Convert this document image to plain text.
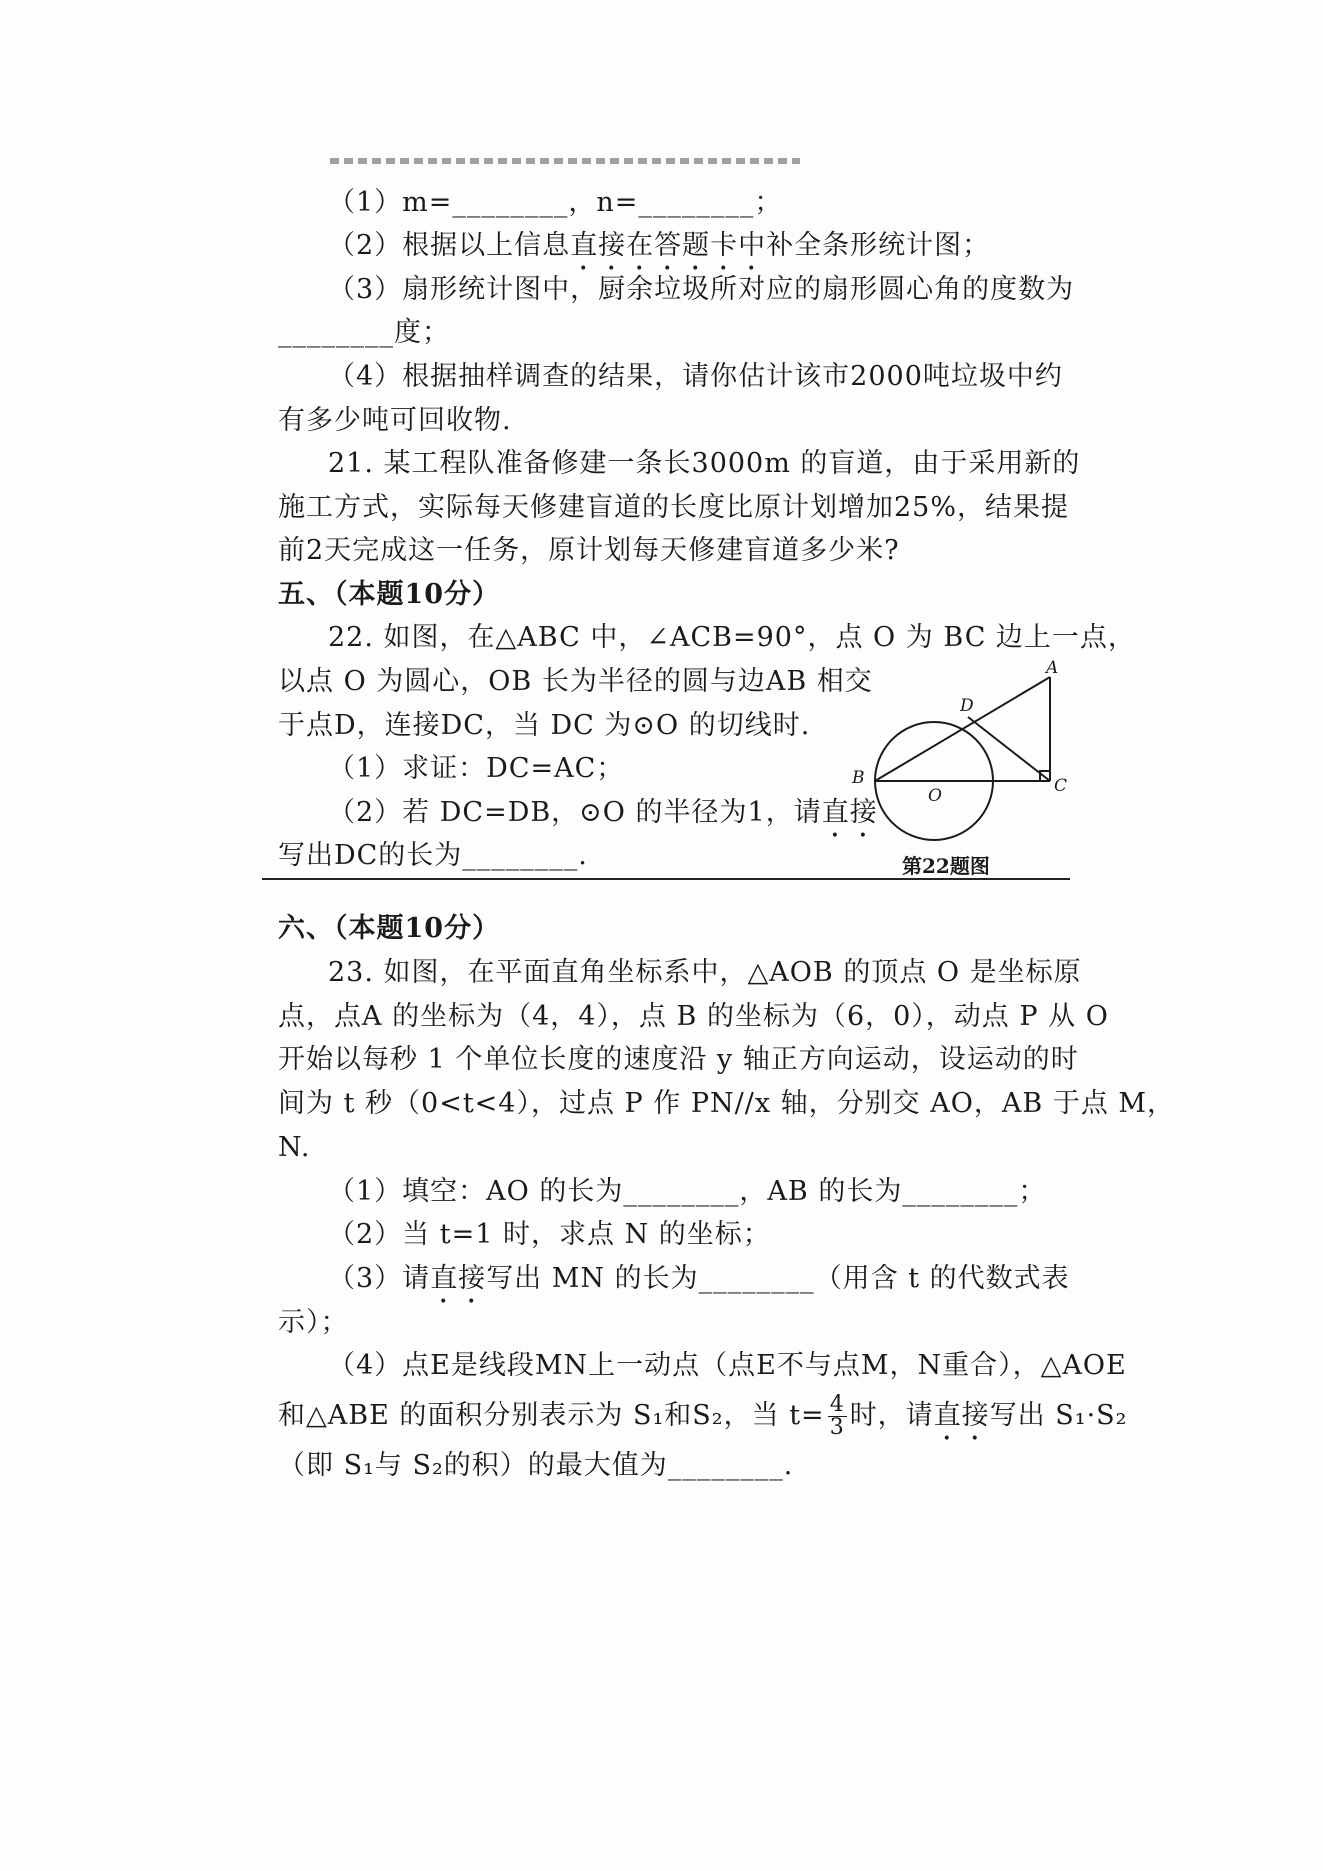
（1）m=________，n=________；
（2）根据以上信息直接在答题卡中补全条形统计图；
（3）扇形统计图中，厨余垃圾所对应的扇形圆心角的度数为
________度；
（4）根据抽样调查的结果，请你估计该市2000吨垃圾中约
有多少吨可回收物.
21. 某工程队准备修建一条长3000m 的盲道，由于采用新的
施工方式，实际每天修建盲道的长度比原计划增加25%，结果提
前2天完成这一任务，原计划每天修建盲道多少米?
五、（本题10分）
22. 如图，在△ABC 中，∠ACB=90°，点 O 为 BC 边上一点，
以点 O 为圆心，OB 长为半径的圆与边AB 相交
于点D，连接DC，当 DC 为⊙O 的切线时.
（1）求证：DC=AC；
（2）若 DC=DB，⊙O 的半径为1，请直接
写出DC的长为________.
A
B	C
D
O
第22题图
六、（本题10分）
23. 如图，在平面直角坐标系中，△AOB 的顶点 O 是坐标原
点，点A 的坐标为（4，4），点 B 的坐标为（6，0），动点 P 从 O
开始以每秒 1 个单位长度的速度沿 y 轴正方向运动，设运动的时
间为 t 秒（0<t<4），过点 P 作 PN//x 轴，分别交 AO，AB 于点 M，
N.
（1）填空：AO 的长为________，AB 的长为________；
（2）当 t=1 时，求点 N 的坐标；
（3）请直接写出 MN 的长为________（用含 t 的代数式表
示）；
（4）点E是线段MN上一动点（点E不与点M，N重合），△AOE
和△ABE 的面积分别表示为 S₁和S₂，当 $t= \frac{4}{3}$ 时，请直接写出 S₁·S₂
（即 S₁与 S₂的积）的最大值为________.
